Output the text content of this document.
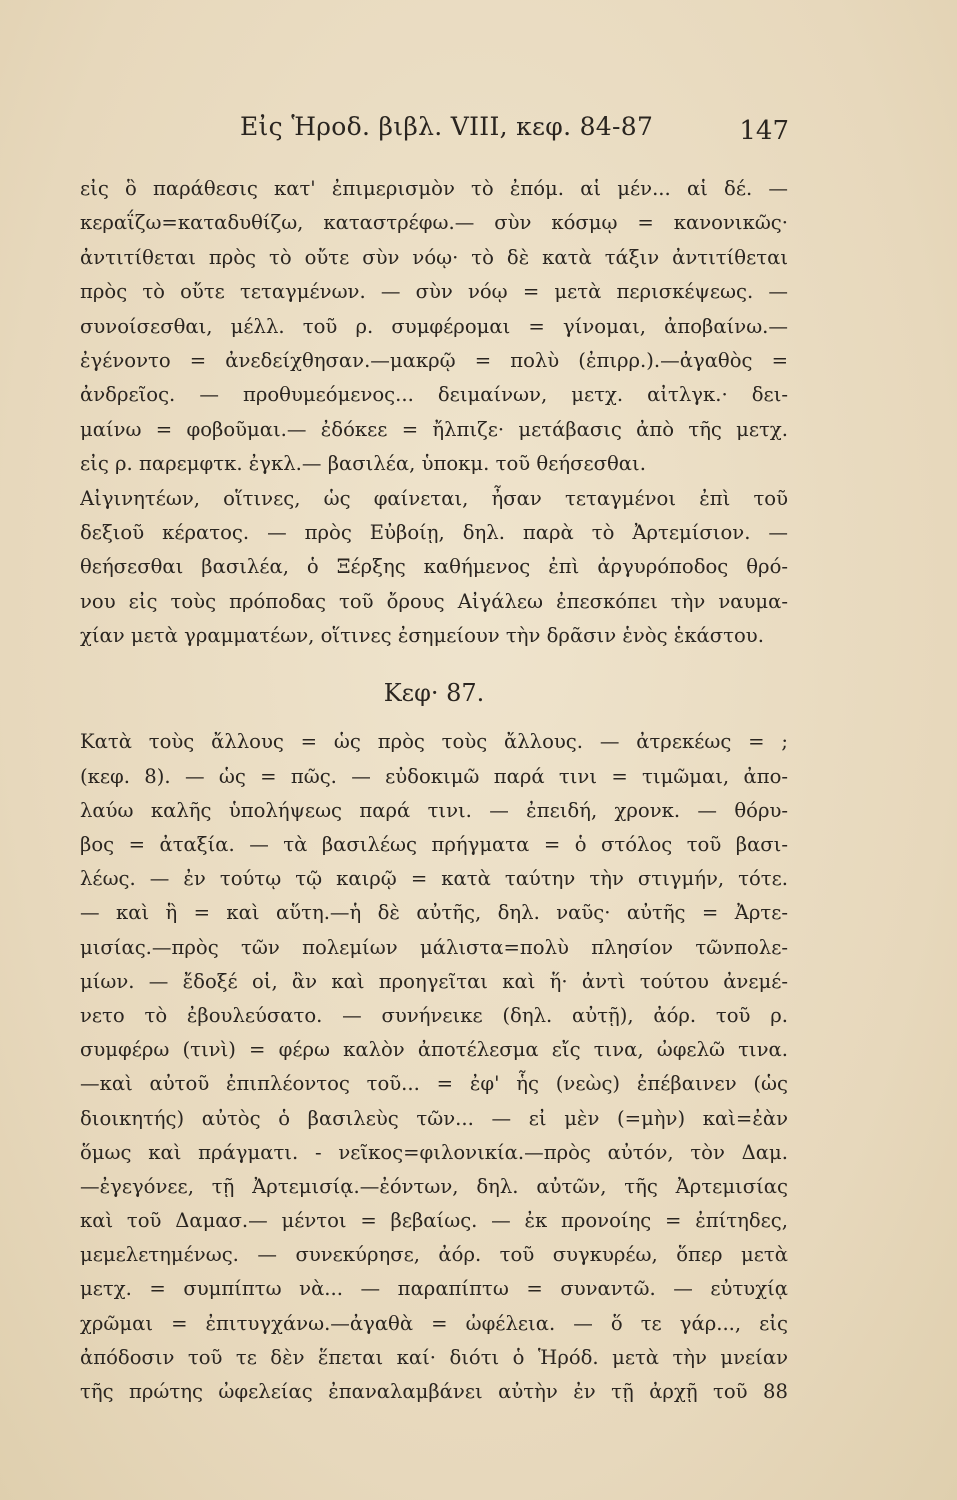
Εἰς Ἡροδ. βιβλ. VIII, κεφ. 84-87	147
εἰς ὃ παράθεσις κατ' ἐπιμερισμὸν τὸ ἐπόμ. αἱ μέν... αἱ δέ. —
κεραΐζω=καταδυθίζω, καταστρέφω.— σὺν κόσμῳ = κανονικῶς·
ἀντιτίθεται πρὸς τὸ οὔτε σὺν νόῳ· τὸ δὲ κατὰ τάξιν ἀντιτίθεται
πρὸς τὸ οὔτε τεταγμένων. — σὺν νόῳ = μετὰ περισκέψεως. —
συνοίσεσθαι, μέλλ. τοῦ ρ. συμφέρομαι = γίνομαι, ἀποβαίνω.—
ἐγένοντο = ἀνεδείχθησαν.—μακρῷ = πολὺ (ἐπιρρ.).—ἀγαθὸς =
ἀνδρεῖος. — προθυμεόμενος... δειμαίνων, μετχ. αἰτλγκ.· δει-
μαίνω = φοβοῦμαι.— ἐδόκεε = ἤλπιζε· μετάβασις ἀπὸ τῆς μετχ.
εἰς ρ. παρεμφτκ. ἐγκλ.— βασιλέα, ὑποκμ. τοῦ θεήσεσθαι.
Αἰγινητέων, οἵτινες, ὡς φαίνεται, ἦσαν τεταγμένοι ἐπὶ τοῦ
δεξιοῦ κέρατος. — πρὸς Εὐβοίῃ, δηλ. παρὰ τὸ Ἀρτεμίσιον. —
θεήσεσθαι βασιλέα, ὁ Ξέρξης καθήμενος ἐπὶ ἀργυρόποδος θρό-
νου εἰς τοὺς πρόποδας τοῦ ὄρους Αἰγάλεω ἐπεσκόπει τὴν ναυμα-
χίαν μετὰ γραμματέων, οἵτινες ἐσημείουν τὴν δρᾶσιν ἑνὸς ἑκάστου.
Κεφ· 87.
Κατὰ τοὺς ἄλλους = ὡς πρὸς τοὺς ἄλλους. — ἀτρεκέως = ;
(κεφ. 8). — ὡς = πῶς. — εὐδοκιμῶ παρά τινι = τιμῶμαι, ἀπο-
λαύω καλῆς ὑπολήψεως παρά τινι. — ἐπειδή, χρονκ. — θόρυ-
βος = ἀταξία. — τὰ βασιλέως πρήγματα = ὁ στόλος τοῦ βασι-
λέως. — ἐν τούτῳ τῷ καιρῷ = κατὰ ταύτην τὴν στιγμήν, τότε.
— καὶ ἣ = καὶ αὕτη.—ἡ δὲ αὐτῆς, δηλ. ναῦς· αὐτῆς = Ἀρτε-
μισίας.—πρὸς τῶν πολεμίων μάλιστα=πολὺ πλησίον τῶνπολε-
μίων. — ἔδοξέ οἱ, ἂν καὶ προηγεῖται καὶ ἥ· ἀντὶ τούτου ἀνεμέ-
νετο τὸ ἐβουλεύσατο. — συνήνεικε (δηλ. αὐτῇ), ἀόρ. τοῦ ρ.
συμφέρω (τινὶ) = φέρω καλὸν ἀποτέλεσμα εἴς τινα, ὠφελῶ τινα.
—καὶ αὐτοῦ ἐπιπλέοντος τοῦ... = ἐφ' ἧς (νεὼς) ἐπέβαινεν (ὡς
διοικητής) αὐτὸς ὁ βασιλεὺς τῶν... — εἰ μὲν (=μὴν) καὶ=ἐὰν
ὅμως καὶ πράγματι. - νεῖκος=φιλονικία.—πρὸς αὐτόν, τὸν Δαμ.
—ἐγεγόνεε, τῇ Ἀρτεμισίᾳ.—ἐόντων, δηλ. αὐτῶν, τῆς Ἀρτεμισίας
καὶ τοῦ Δαμασ.— μέντοι = βεβαίως. — ἐκ προνοίης = ἐπίτηδες,
μεμελετημένως. — συνεκύρησε, ἀόρ. τοῦ συγκυρέω, ὅπερ μετὰ
μετχ. = συμπίπτω νὰ... — παραπίπτω = συναντῶ. — εὐτυχίᾳ
χρῶμαι = ἐπιτυγχάνω.—ἀγαθὰ = ὠφέλεια. — ὅ τε γάρ..., εἰς
ἀπόδοσιν τοῦ τε δὲν ἕπεται καί· διότι ὁ Ἡρόδ. μετὰ τὴν μνείαν
τῆς πρώτης ὠφελείας ἐπαναλαμβάνει αὐτὴν ἐν τῇ ἀρχῇ τοῦ 88
